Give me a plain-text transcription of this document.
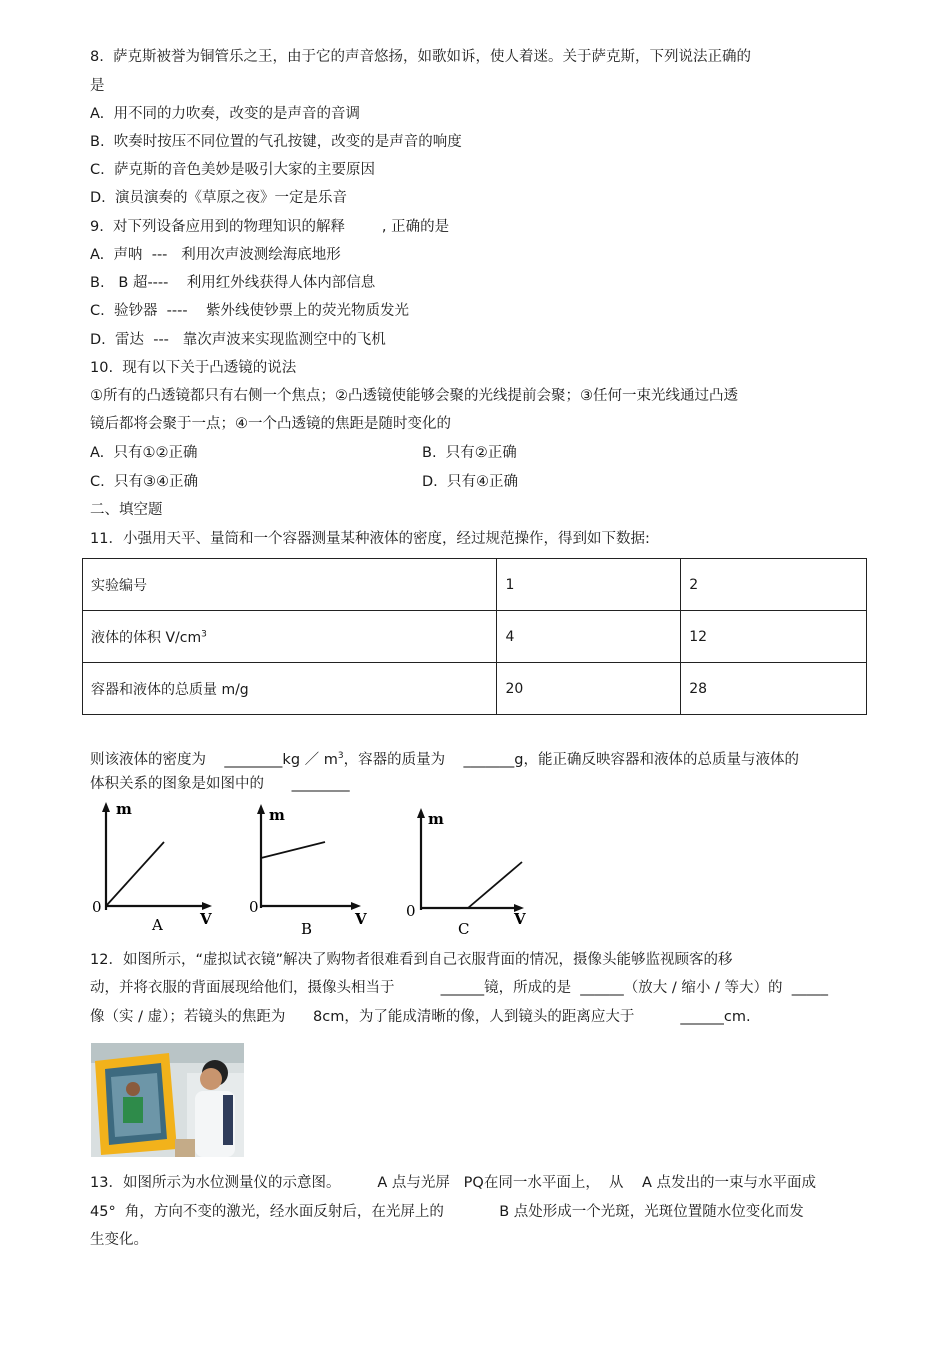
8.  萨克斯被誉为铜管乐之王，由于它的声音悠扬，如歌如诉，使人着迷。关于萨克斯，下列说法正确的
是
A.  用不同的力吹奏，改变的是声音的音调
B.  吹奏时按压不同位置的气孔按键，改变的是声音的响度
C.  萨克斯的音色美妙是吸引大家的主要原因
D.  演员演奏的《草原之夜》一定是乐音
9.  对下列设备应用到的物理知识的解释        , 正确的是
A.  声呐  ---   利用次声波测绘海底地形
B.   B 超----    利用红外线获得人体内部信息
C.  验钞器  ----    紫外线使钞票上的荧光物质发光
D.  雷达  ---   靠次声波来实现监测空中的飞机
10.  现有以下关于凸透镜的说法
①所有的凸透镜都只有右侧一个焦点；②凸透镜使能够会聚的光线提前会聚；③任何一束光线通过凸透
镜后都将会聚于一点；④一个凸透镜的焦距是随时变化的
A.  只有①②正确	B.  只有②正确
C.  只有③④正确	D.  只有④正确
二、填空题
11．小强用天平、量筒和一个容器测量某种液体的密度，经过规范操作，得到如下数据:
实验编号	1	2
液体的体积 $V/cm^3$	4	12
容器和液体的总质量 m/g	20	28
则该液体的密度为    ________kg ／ $m^3$，容器的质量为    _______g，能正确反映容器和液体的总质量与液体的
体积关系的图象是如图中的      ________
m
V
0
A
m
V
0
B
m
V
0
C
12．如图所示，“虚拟试衣镜”解决了购物者很难看到自己衣服背面的情况，摄像头能够监视顾客的移
动，并将衣服的背面展现给他们，摄像头相当于          ______镜，所成的是  ______（放大 / 缩小 / 等大）的  _____
像（实 / 虚）；若镜头的焦距为      8cm，为了能成清晰的像，人到镜头的距离应大于          ______cm.
13．如图所示为水位测量仪的示意图。        A 点与光屏   PQ在同一水平面上，  从    A 点发出的一束与水平面成
45°  角，方向不变的激光，经水面反射后，在光屏上的            B 点处形成一个光斑，光斑位置随水位变化而发
生变化。
